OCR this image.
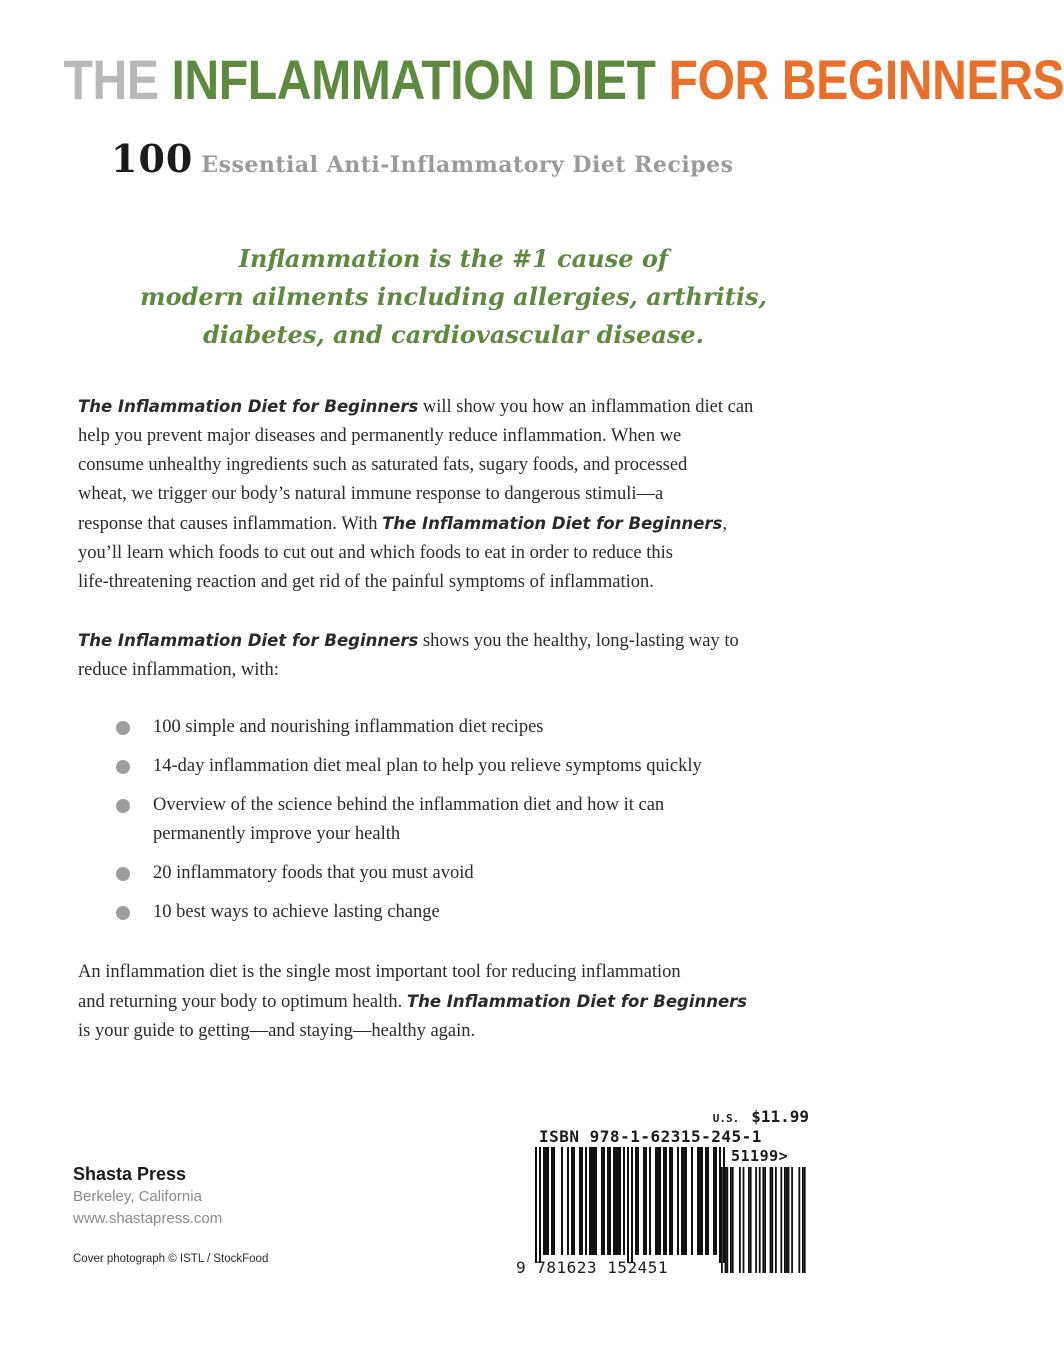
THE INFLAMMATION DIET FOR BEGINNERS
100 Essential Anti-Inflammatory Diet Recipes
Inflammation is the #1 cause of
modern ailments including allergies, arthritis,
diabetes, and cardiovascular disease.
The Inflammation Diet for Beginners will show you how an inflammation diet can
help you prevent major diseases and permanently reduce inflammation. When we
consume unhealthy ingredients such as saturated fats, sugary foods, and processed
wheat, we trigger our body’s natural immune response to dangerous stimuli—a
response that causes inflammation. With The Inflammation Diet for Beginners,
you’ll learn which foods to cut out and which foods to eat in order to reduce this
life-threatening reaction and get rid of the painful symptoms of inflammation.
The Inflammation Diet for Beginners shows you the healthy, long-lasting way to
reduce inflammation, with:
100 simple and nourishing inflammation diet recipes
14-day inflammation diet meal plan to help you relieve symptoms quickly
Overview of the science behind the inflammation diet and how it can
permanently improve your health
20 inflammatory foods that you must avoid
10 best ways to achieve lasting change
An inflammation diet is the single most important tool for reducing inflammation
and returning your body to optimum health. The Inflammation Diet for Beginners
is your guide to getting—and staying—healthy again.
Shasta Press
Berkeley, California
www.shastapress.com
Cover photograph © ISTL / StockFood
U.S. $11.99
ISBN 978-1-62315-245-1
51199>
9 781623 152451
